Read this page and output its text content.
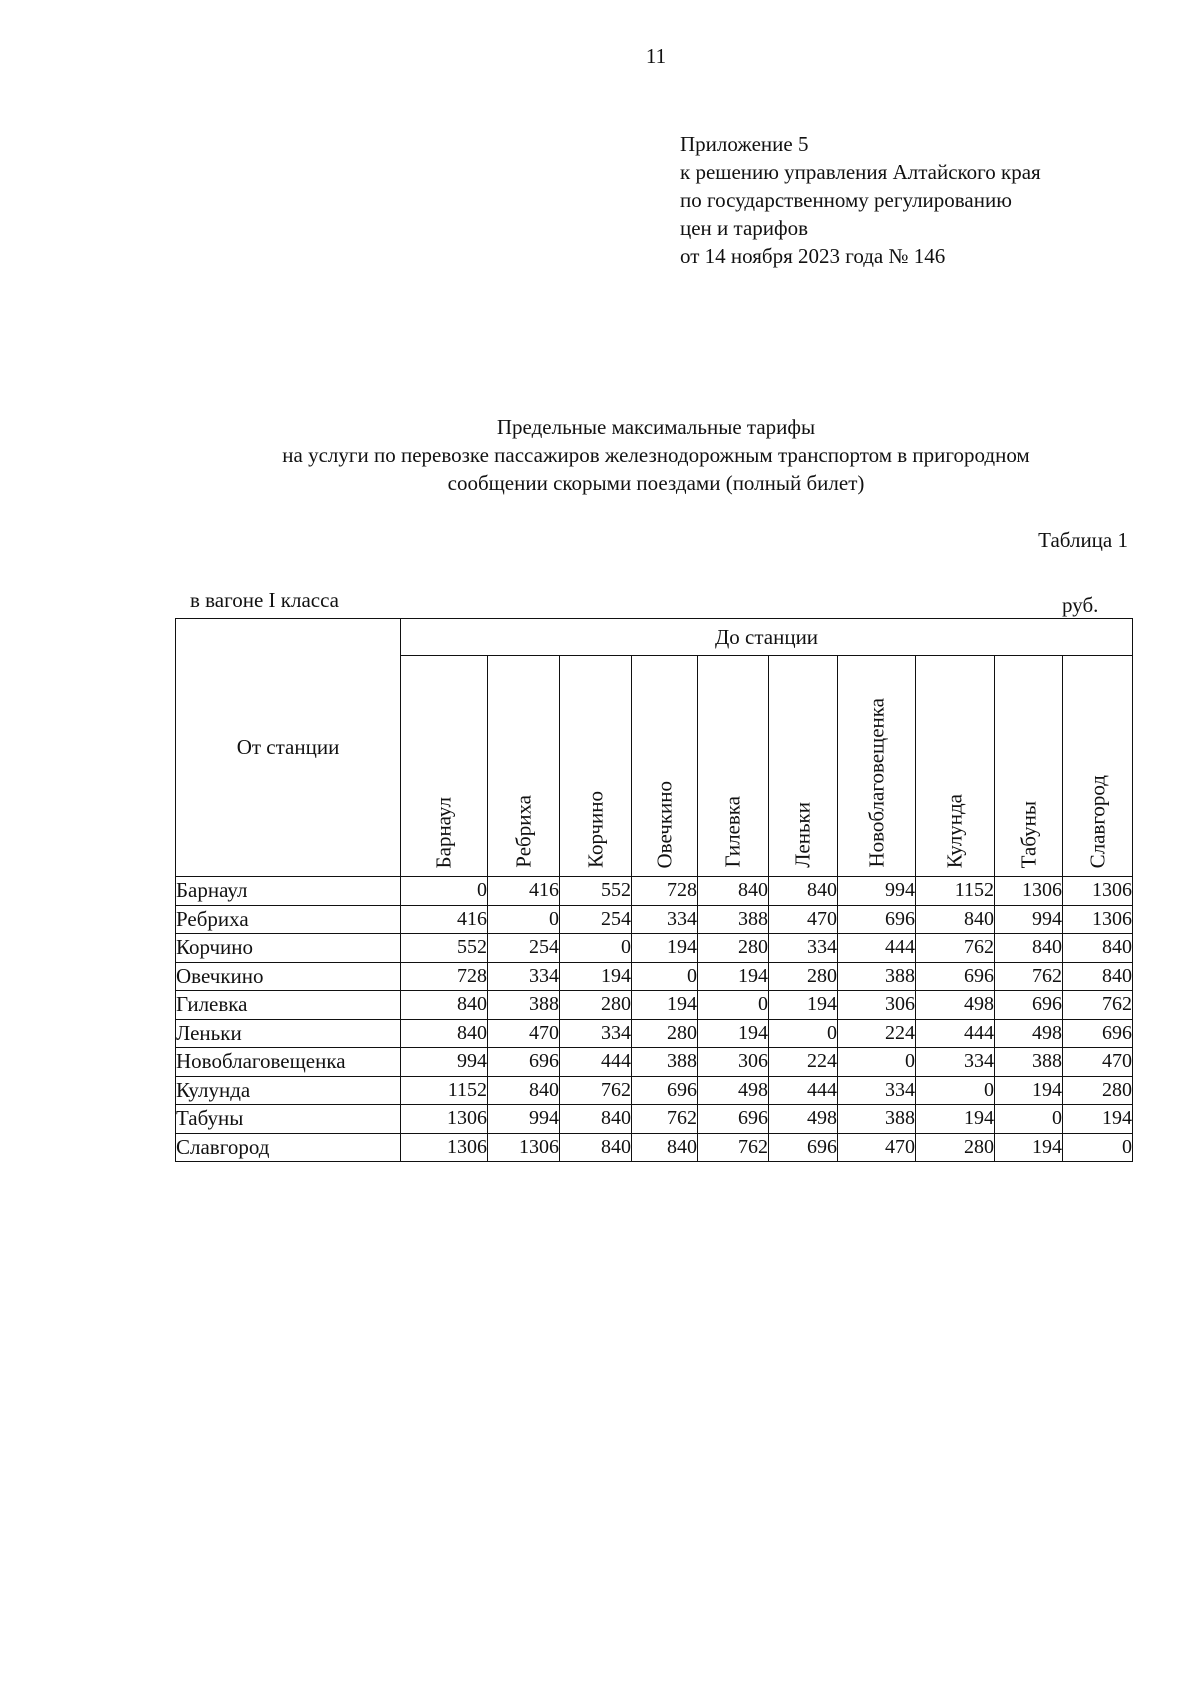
11
Приложение 5
к решению управления Алтайского края
по государственному регулированию
цен и тарифов
от 14 ноября 2023 года № 146
Предельные максимальные тарифы
на услуги по перевозке пассажиров железнодорожным транспортом в пригородном
сообщении скорыми поездами (полный билет)
Таблица 1
в вагоне I класса	руб.
От станции	До станции									

	Барнаул	Ребриха	Корчино	Овечкино	Гилевка	Леньки	Новоблаговещенка	Кулунда	Табуны	Славгород

Барнаул	0	416	552	728	840	840	994	1152	1306	1306
Ребриха	416	0	254	334	388	470	696	840	994	1306
Корчино	552	254	0	194	280	334	444	762	840	840
Овечкино	728	334	194	0	194	280	388	696	762	840
Гилевка	840	388	280	194	0	194	306	498	696	762
Леньки	840	470	334	280	194	0	224	444	498	696
Новоблаговещенка	994	696	444	388	306	224	0	334	388	470
Кулунда	1152	840	762	696	498	444	334	0	194	280
Табуны	1306	994	840	762	696	498	388	194	0	194
Славгород	1306	1306	840	840	762	696	470	280	194	0
